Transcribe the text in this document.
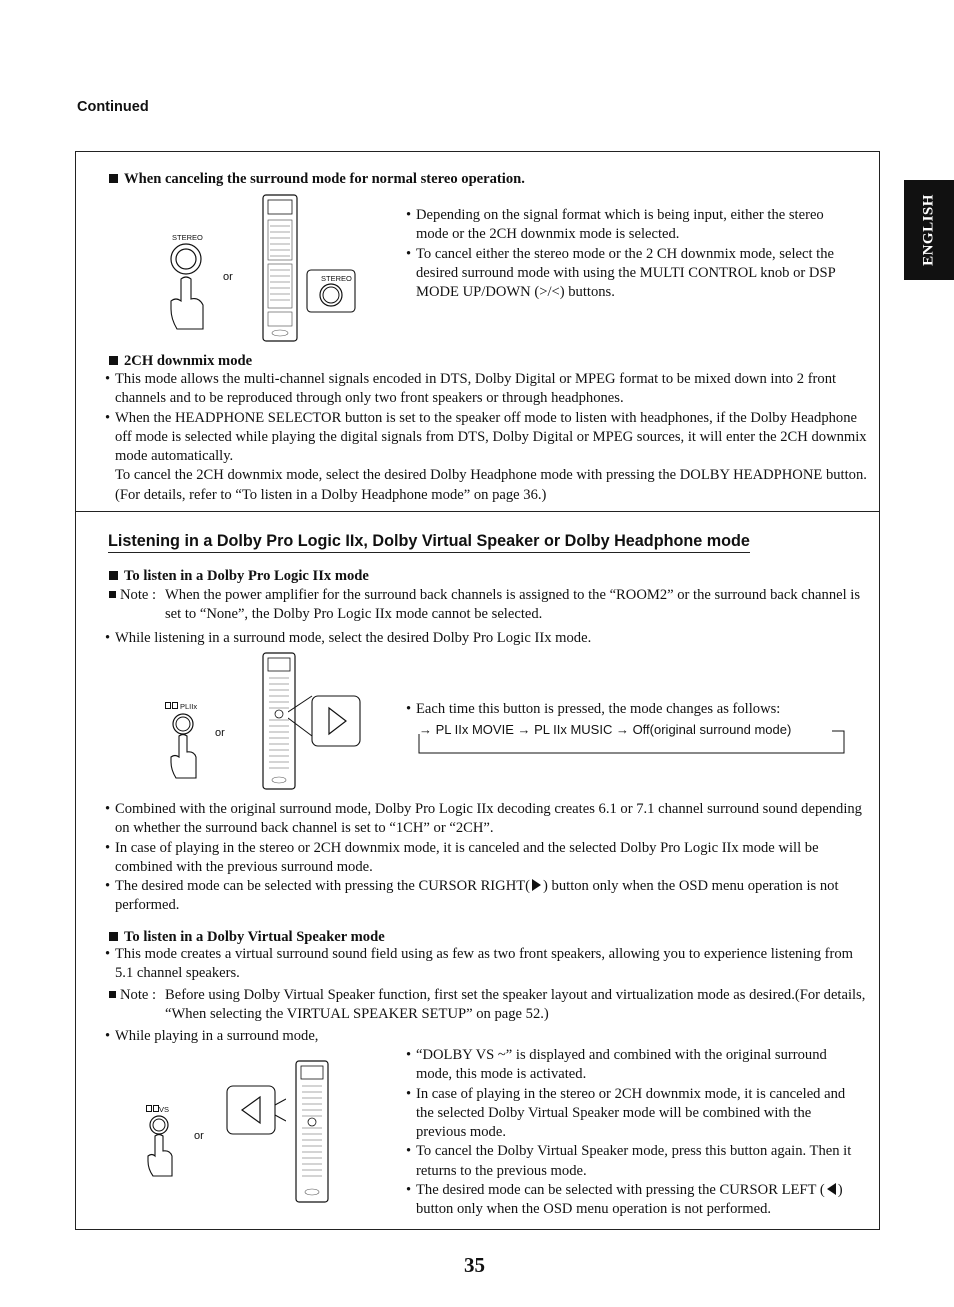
Continued
ENGLISH
When canceling the surround mode for normal stereo operation.
STEREO
or	STEREO
• Depending on the signal format which is being input, either the stereo mode or the 2CH downmix mode is selected.
• To cancel either the stereo mode or the 2 CH downmix mode, select the desired surround mode with using the MULTI CONTROL knob or DSP MODE UP/DOWN (>/<) buttons.
2CH downmix mode
• This mode allows the multi-channel signals encoded in DTS, Dolby Digital or MPEG format to be mixed down into 2 front channels and to be reproduced through only two front speakers or through headphones.
• When the HEADPHONE SELECTOR button is set to the speaker off mode to listen with headphones, if the Dolby Headphone off mode is selected while playing the digital signals from DTS, Dolby Digital or MPEG sources, it will enter the 2CH downmix mode automatically.
To cancel the 2CH downmix mode, select the desired Dolby Headphone mode with pressing the DOLBY HEADPHONE button.(For details, refer to “To listen in a Dolby Headphone mode” on page 36.)
Listening in a Dolby Pro Logic IIx, Dolby Virtual Speaker or Dolby Headphone mode
To listen in a Dolby Pro Logic IIx mode
Note : When the power amplifier for the surround back channels is assigned to the “ROOM2” or the surround back channel is set to “None”, the Dolby Pro Logic IIx mode cannot be selected.
• While listening in a surround mode, select the desired Dolby Pro Logic IIx mode.
PLIIx
or
• Each time this button is pressed, the mode changes as follows:
→ PL IIx MOVIE → PL IIx MUSIC → Off(original surround mode)
• Combined with the original surround mode, Dolby Pro Logic IIx decoding creates 6.1 or 7.1 channel surround sound depending on whether the surround back channel is set to “1CH” or “2CH”.
• In case of playing in the stereo or 2CH downmix mode, it is canceled and the selected Dolby Pro Logic IIx mode will be combined with the previous surround mode.
• The desired mode can be selected with pressing the CURSOR RIGHT( ) button only when the OSD menu operation is not performed.
To listen in a Dolby Virtual Speaker mode
• This mode creates a virtual surround sound field using as few as two front speakers, allowing you to experience listening from 5.1 channel speakers.
Note : Before using Dolby Virtual Speaker function, first set the speaker layout and virtualization mode as desired.(For details, “When selecting the VIRTUAL SPEAKER SETUP” on page 52.)
• While playing in a surround mode,
VS
or
• “DOLBY VS ~” is displayed and combined with the original surround mode, this mode is activated.
• In case of playing in the stereo or 2CH downmix mode, it is canceled and the selected Dolby Virtual Speaker mode will be combined with the previous mode.
• To cancel the Dolby Virtual Speaker mode, press this button again. Then it returns to the previous mode.
• The desired mode can be selected with pressing the CURSOR LEFT ( ) button only when the OSD menu operation is not performed.
35
